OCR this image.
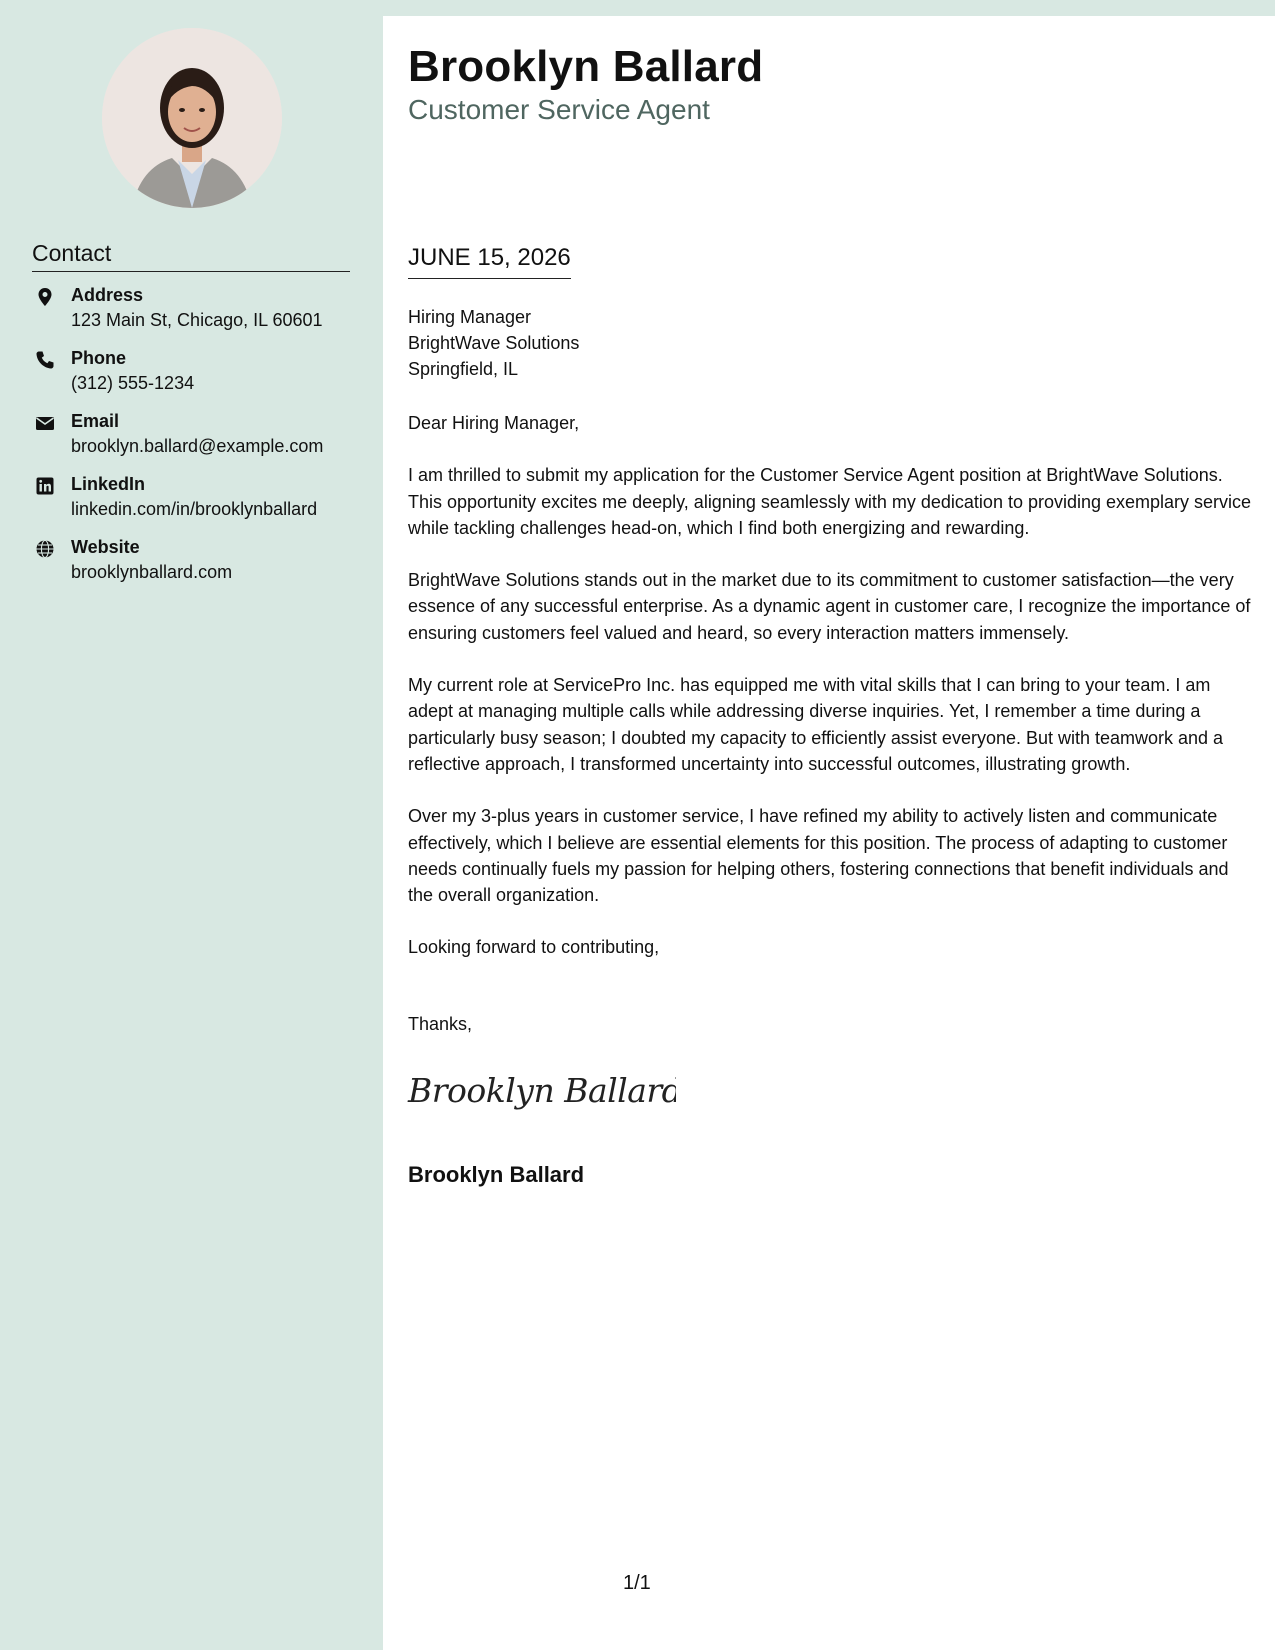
Contact
Address
123 Main St, Chicago, IL 60601
Phone
(312) 555-1234
Email
brooklyn.ballard@example.com
LinkedIn
linkedin.com/in/brooklynballard
Website
brooklynballard.com
Brooklyn Ballard
Customer Service Agent
JUNE 15, 2026
Hiring Manager
BrightWave Solutions
Springfield, IL

Dear Hiring Manager,

I am thrilled to submit my application for the Customer Service Agent position at BrightWave Solutions. This opportunity excites me deeply, aligning seamlessly with my dedication to providing exemplary service while tackling challenges head-on, which I find both energizing and rewarding.

BrightWave Solutions stands out in the market due to its commitment to customer satisfaction—the very essence of any successful enterprise. As a dynamic agent in customer care, I recognize the importance of ensuring customers feel valued and heard, so every interaction matters immensely.

My current role at ServicePro Inc. has equipped me with vital skills that I can bring to your team. I am adept at managing multiple calls while addressing diverse inquiries. Yet, I remember a time during a particularly busy season; I doubted my capacity to efficiently assist everyone. But with teamwork and a reflective approach, I transformed uncertainty into successful outcomes, illustrating growth.

Over my 3-plus years in customer service, I have refined my ability to actively listen and communicate effectively, which I believe are essential elements for this position. The process of adapting to customer needs continually fuels my passion for helping others, fostering connections that benefit individuals and the overall organization.

Looking forward to contributing,

Thanks,

Brooklyn Ballard
Brooklyn Ballard
1/1
